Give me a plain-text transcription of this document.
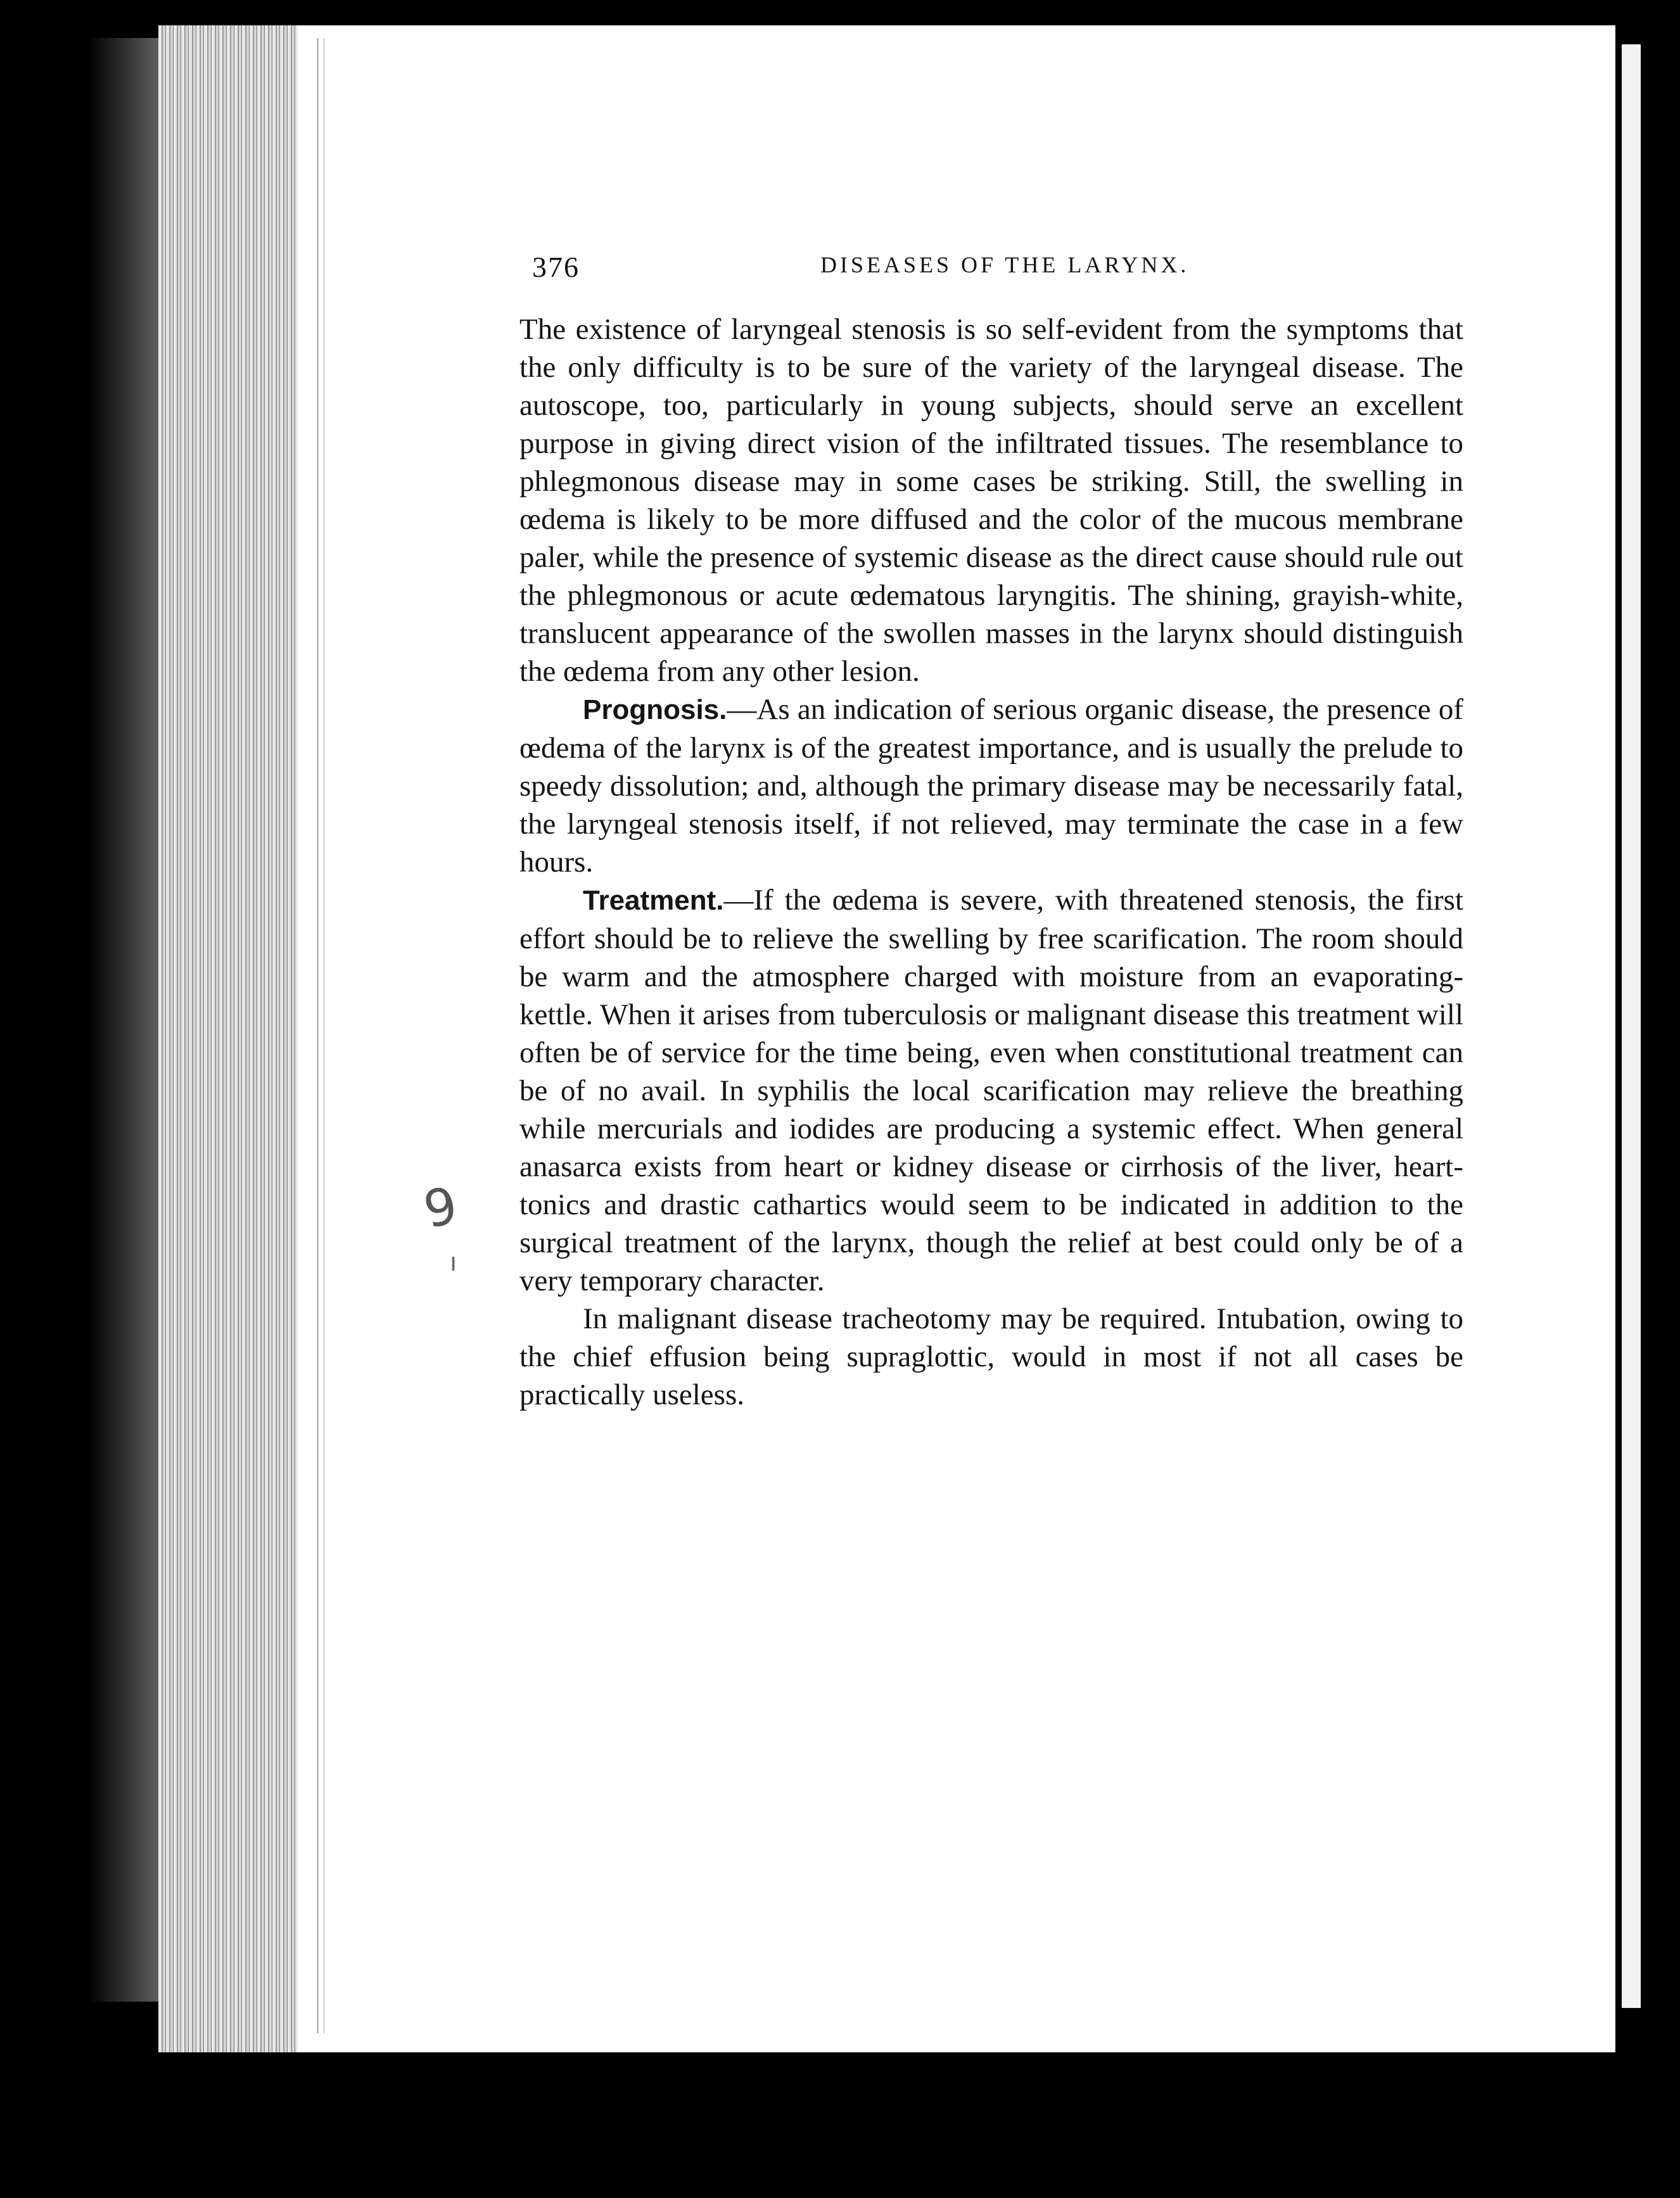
376	DISEASES OF THE LARYNX.

The existence of laryngeal stenosis is so self-evident from the symptoms that the only difficulty is to be sure of the variety of the laryngeal disease. The autoscope, too, particularly in young subjects, should serve an excellent purpose in giving direct vision of the infiltrated tissues. The resemblance to phlegmonous disease may in some cases be striking. Still, the swelling in œdema is likely to be more diffused and the color of the mucous membrane paler, while the presence of systemic disease as the direct cause should rule out the phlegmonous or acute œdematous laryngitis. The shining, grayish-white, translucent appearance of the swollen masses in the larynx should distinguish the œdema from any other lesion.

Prognosis.—As an indication of serious organic disease, the presence of œdema of the larynx is of the greatest importance, and is usually the prelude to speedy dissolution; and, although the primary disease may be necessarily fatal, the laryngeal stenosis itself, if not relieved, may terminate the case in a few hours.

Treatment.—If the œdema is severe, with threatened stenosis, the first effort should be to relieve the swelling by free scarification. The room should be warm and the atmosphere charged with moisture from an evaporating-kettle. When it arises from tuberculosis or malignant disease this treatment will often be of service for the time being, even when constitutional treatment can be of no avail. In syphilis the local scarification may relieve the breathing while mercurials and iodides are producing a systemic effect. When general anasarca exists from heart or kidney disease or cirrhosis of the liver, heart-tonics and drastic cathartics would seem to be indicated in addition to the surgical treatment of the larynx, though the relief at best could only be of a very temporary character.

In malignant disease tracheotomy may be required. Intubation, owing to the chief effusion being supraglottic, would in most if not all cases be practically useless.

9
ı
